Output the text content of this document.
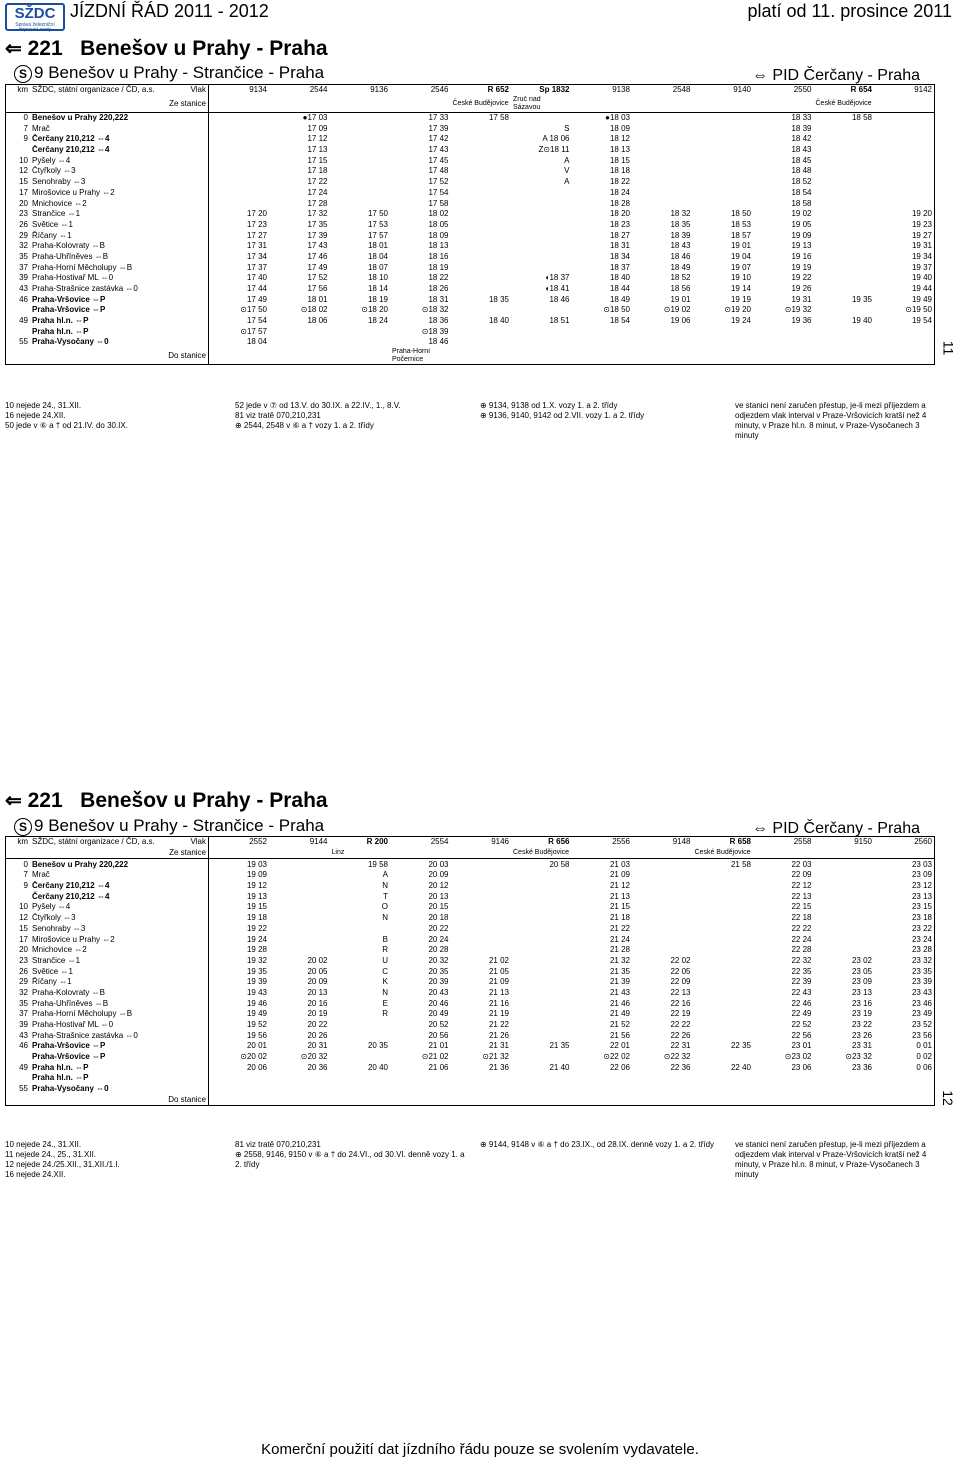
SŽDC
Správa železniční dopravní cesty
JÍZDNÍ ŘÁD 2011 - 2012	platí od 11. prosince 2011
⇐ 221 Benešov u Prahy - Praha
S 9 Benešov u Prahy - Strančice - Praha	⇔ PID Čerčany - Praha
km	SŽDC, státní organizace / ČD, a.s. Vlak	9134	2544	9136	2546	R 652	Sp 1832	9138	2548	9140	2550	R 654	9142
	Ze stanice					České Budějovice	Zruč nad Sázavou					České Budějovice	
0	Benešov u Prahy 220,222		●17 03		17 33	17 58		●18 03			18 33	18 58	
7	Mrač		17 09		17 39		S	18 09			18 39		
9	Čerčany 210,212 ⇔4		17 12		17 42		A 18 06	18 12			18 42		
	Čerčany 210,212 ⇔4		17 13		17 43		Z⊙18 11	18 13			18 43		
10	Pyšely ⇔4		17 15		17 45		A	18 15			18 45		
12	Čtyřkoly ⇔3		17 18		17 48		V	18 18			18 48		
15	Senohraby ⇔3		17 22		17 52		A	18 22			18 52		
17	Mirošovice u Prahy ⇔2		17 24		17 54			18 24			18 54		
20	Mnichovice ⇔2		17 28		17 58			18 28			18 58		
23	Strančice ⇔1	17 20	17 32	17 50	18 02			18 20	18 32	18 50	19 02		19 20
26	Světice ⇔1	17 23	17 35	17 53	18 05			18 23	18 35	18 53	19 05		19 23
29	Říčany ⇔1	17 27	17 39	17 57	18 09			18 27	18 39	18 57	19 09		19 27
32	Praha-Kolovraty ⇔B	17 31	17 43	18 01	18 13			18 31	18 43	19 01	19 13		19 31
35	Praha-Uhříněves ⇔B	17 34	17 46	18 04	18 16			18 34	18 46	19 04	19 16		19 34
37	Praha-Horní Měcholupy ⇔B	17 37	17 49	18 07	18 19			18 37	18 49	19 07	19 19		19 37
39	Praha-Hostivař ML ⇔0	17 40	17 52	18 10	18 22		◖18 37	18 40	18 52	19 10	19 22		19 40
43	Praha-Strašnice zastávka ⇔0	17 44	17 56	18 14	18 26		◖18 41	18 44	18 56	19 14	19 26		19 44
46	Praha-Vršovice ⇔P	17 49	18 01	18 19	18 31	18 35	18 46	18 49	19 01	19 19	19 31	19 35	19 49
	Praha-Vršovice ⇔P	⊙17 50	⊙18 02	⊙18 20	⊙18 32			⊙18 50	⊙19 02	⊙19 20	⊙19 32		⊙19 50
49	Praha hl.n. ⇔P	17 54	18 06	18 24	18 36	18 40	18 51	18 54	19 06	19 24	19 36	19 40	19 54
	Praha hl.n. ⇔P	⊙17 57			⊙18 39								
55	Praha-Vysočany ⇔0	18 04			18 46								
	Do stanice				Praha-Horní Počernice								
10 nejede 24., 31.XII.
16 nejede 24.XII.
50 jede v ⑥ a † od 21.IV. do 30.IX.
52 jede v ⑦ od 13.V. do 30.IX. a 22.IV., 1., 8.V.
81 viz tratě 070,210,231
⊕ 2544, 2548 v ⑥ a † vozy 1. a 2. třídy
⊕ 9134, 9138 od 1.X. vozy 1. a 2. třídy
⊕ 9136, 9140, 9142 od 2.VII. vozy 1. a 2. třídy
ve stanici není zaručen přestup, je-li mezi příjezdem a odjezdem vlak interval v Praze-Vršovicích kratší než 4 minuty, v Praze hl.n. 8 minut, v Praze-Vysočanech 3 minuty
11
⇐ 221 Benešov u Prahy - Praha
S 9 Benešov u Prahy - Strančice - Praha	⇔ PID Čerčany - Praha
km	SŽDC, státní organizace / ČD, a.s. Vlak	2552	9144	R 200	2554	9146	R 656	2556	9148	R 658	2558	9150	2560
	Ze stanice			Linz			České Budějovice			České Budějovice			
0	Benešov u Prahy 220,222	19 03		19 58	20 03		20 58	21 03		21 58	22 03		23 03
7	Mrač	19 09		A	20 09			21 09			22 09		23 09
9	Čerčany 210,212 ⇔4	19 12		N	20 12			21 12			22 12		23 12
	Čerčany 210,212 ⇔4	19 13		T	20 13			21 13			22 13		23 13
10	Pyšely ⇔4	19 15		O	20 15			21 15			22 15		23 15
12	Čtyřkoly ⇔3	19 18		N	20 18			21 18			22 18		23 18
15	Senohraby ⇔3	19 22			20 22			21 22			22 22		23 22
17	Mirošovice u Prahy ⇔2	19 24		B	20 24			21 24			22 24		23 24
20	Mnichovice ⇔2	19 28		R	20 28			21 28			22 28		23 28
23	Strančice ⇔1	19 32	20 02	U	20 32	21 02		21 32	22 02		22 32	23 02	23 32
26	Světice ⇔1	19 35	20 05	C	20 35	21 05		21 35	22 05		22 35	23 05	23 35
29	Říčany ⇔1	19 39	20 09	K	20 39	21 09		21 39	22 09		22 39	23 09	23 39
32	Praha-Kolovraty ⇔B	19 43	20 13	N	20 43	21 13		21 43	22 13		22 43	23 13	23 43
35	Praha-Uhříněves ⇔B	19 46	20 16	E	20 46	21 16		21 46	22 16		22 46	23 16	23 46
37	Praha-Horní Měcholupy ⇔B	19 49	20 19	R	20 49	21 19		21 49	22 19		22 49	23 19	23 49
39	Praha-Hostivař ML ⇔0	19 52	20 22		20 52	21 22		21 52	22 22		22 52	23 22	23 52
43	Praha-Strašnice zastávka ⇔0	19 56	20 26		20 56	21 26		21 56	22 26		22 56	23 26	23 56
46	Praha-Vršovice ⇔P	20 01	20 31	20 35	21 01	21 31	21 35	22 01	22 31	22 35	23 01	23 31	0 01
	Praha-Vršovice ⇔P	⊙20 02	⊙20 32		⊙21 02	⊙21 32		⊙22 02	⊙22 32		⊙23 02	⊙23 32	0 02
49	Praha hl.n. ⇔P	20 06	20 36	20 40	21 06	21 36	21 40	22 06	22 36	22 40	23 06	23 36	0 06
	Praha hl.n. ⇔P												
55	Praha-Vysočany ⇔0												
	Do stanice												
10 nejede 24., 31.XII.
11 nejede 24., 25., 31.XII.
12 nejede 24./25.XII., 31.XII./1.I.
16 nejede 24.XII.
81 viz tratě 070,210,231
⊕ 2558, 9146, 9150 v ⑥ a † do 24.VI., od 30.VI. denně vozy 1. a 2. třídy
⊕ 9144, 9148 v ⑥ a † do 23.IX., od 28.IX. denně vozy 1. a 2. třídy	ve stanici není zaručen přestup, je-li mezi příjezdem a odjezdem vlak interval v Praze-Vršovicích kratší než 4 minuty, v Praze hl.n. 8 minut, v Praze-Vysočanech 3 minuty
12
Komerční použití dat jízdního řádu pouze se svolením vydavatele.
